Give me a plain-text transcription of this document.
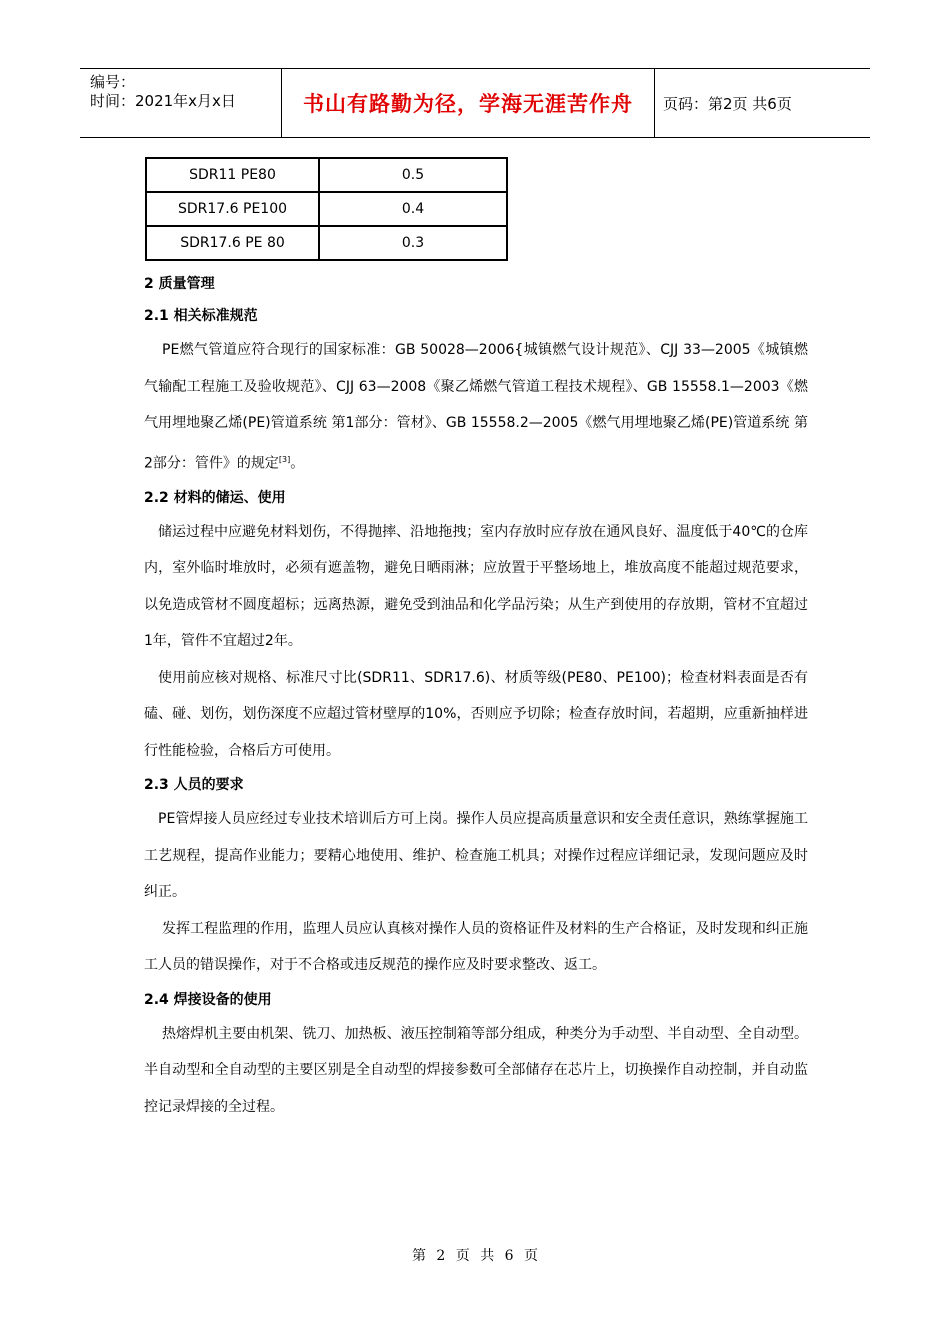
编号：
时间：2021年x月x日	书山有路勤为径，学海无涯苦作舟	页码：第2页 共6页
SDR11 PE80	0.5
SDR17.6 PE100	0.4
SDR17.6 PE 80	0.3
2 质量管理
2.1 相关标准规范

PE燃气管道应符合现行的国家标准：GB 50028—2006{城镇燃气设计规范》、CJJ 33—2005《城镇燃气输配工程施工及验收规范》、CJJ 63—2008《聚乙烯燃气管道工程技术规程》、GB 15558.1—2003《燃气用埋地聚乙烯(PE)管道系统 第1部分：管材》、GB 15558.2—2005《燃气用埋地聚乙烯(PE)管道系统 第2部分：管件》的规定[3]。

2.2 材料的储运、使用

储运过程中应避免材料划伤，不得抛摔、沿地拖拽；室内存放时应存放在通风良好、温度低于40℃的仓库内，室外临时堆放时，必须有遮盖物，避免日晒雨淋；应放置于平整场地上，堆放高度不能超过规范要求，以免造成管材不圆度超标；远离热源，避免受到油品和化学品污染；从生产到使用的存放期，管材不宜超过1年，管件不宜超过2年。

使用前应核对规格、标准尺寸比(SDR11、SDR17.6)、材质等级(PE80、PE100)；检查材料表面是否有磕、碰、划伤，划伤深度不应超过管材壁厚的10%，否则应予切除；检查存放时间，若超期，应重新抽样进行性能检验，合格后方可使用。

2.3 人员的要求

PE管焊接人员应经过专业技术培训后方可上岗。操作人员应提高质量意识和安全责任意识，熟练掌握施工工艺规程，提高作业能力；要精心地使用、维护、检查施工机具；对操作过程应详细记录，发现问题应及时纠正。

发挥工程监理的作用，监理人员应认真核对操作人员的资格证件及材料的生产合格证，及时发现和纠正施工人员的错误操作，对于不合格或违反规范的操作应及时要求整改、返工。

2.4 焊接设备的使用

热熔焊机主要由机架、铣刀、加热板、液压控制箱等部分组成，种类分为手动型、半自动型、全自动型。半自动型和全自动型的主要区别是全自动型的焊接参数可全部储存在芯片上，切换操作自动控制，并自动监控记录焊接的全过程。

第 2 页 共 6 页
